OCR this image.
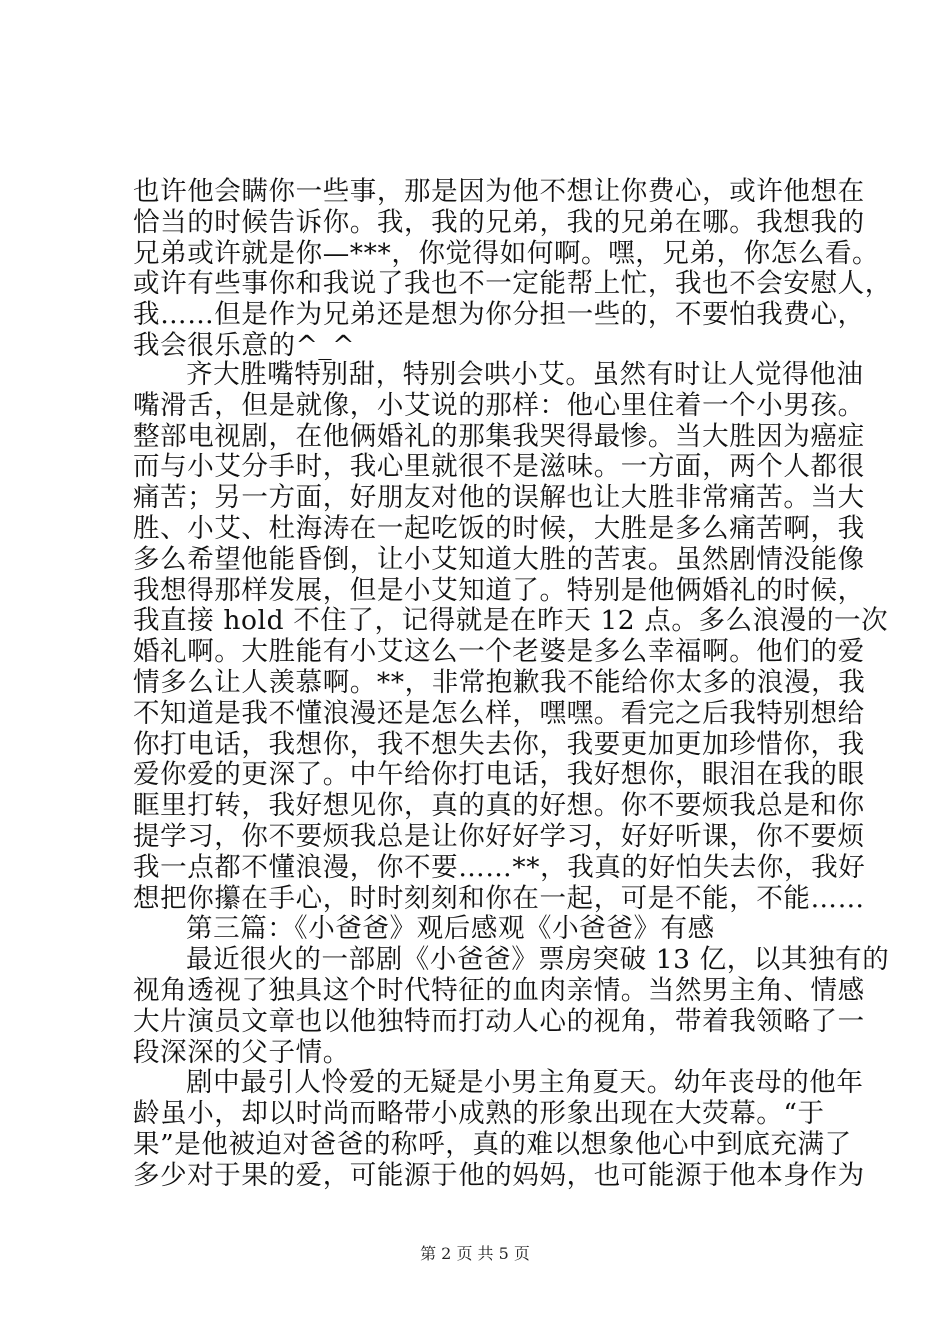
也许他会瞒你一些事，那是因为他不想让你费心，或许他想在
恰当的时候告诉你。我，我的兄弟，我的兄弟在哪。我想我的
兄弟或许就是你—***，你觉得如何啊。嘿，兄弟，你怎么看。
或许有些事你和我说了我也不一定能帮上忙，我也不会安慰人，
我……但是作为兄弟还是想为你分担一些的，不要怕我费心，
我会很乐意的^_^
齐大胜嘴特别甜，特别会哄小艾。虽然有时让人觉得他油
嘴滑舌，但是就像，小艾说的那样：他心里住着一个小男孩。
整部电视剧，在他俩婚礼的那集我哭得最惨。当大胜因为癌症
而与小艾分手时，我心里就很不是滋味。一方面，两个人都很
痛苦；另一方面，好朋友对他的误解也让大胜非常痛苦。当大
胜、小艾、杜海涛在一起吃饭的时候，大胜是多么痛苦啊，我
多么希望他能昏倒，让小艾知道大胜的苦衷。虽然剧情没能像
我想得那样发展，但是小艾知道了。特别是他俩婚礼的时候，
我直接 hold 不住了，记得就是在昨天 12 点。多么浪漫的一次
婚礼啊。大胜能有小艾这么一个老婆是多么幸福啊。他们的爱
情多么让人羡慕啊。**，非常抱歉我不能给你太多的浪漫，我
不知道是我不懂浪漫还是怎么样，嘿嘿。看完之后我特别想给
你打电话，我想你，我不想失去你，我要更加更加珍惜你，我
爱你爱的更深了。中午给你打电话，我好想你，眼泪在我的眼
眶里打转，我好想见你，真的真的好想。你不要烦我总是和你
提学习，你不要烦我总是让你好好学习，好好听课，你不要烦
我一点都不懂浪漫，你不要……**，我真的好怕失去你，我好
想把你攥在手心，时时刻刻和你在一起，可是不能，不能……
第三篇：《小爸爸》观后感观《小爸爸》有感
最近很火的一部剧《小爸爸》票房突破 13 亿，以其独有的
视角透视了独具这个时代特征的血肉亲情。当然男主角、情感
大片演员文章也以他独特而打动人心的视角，带着我领略了一
段深深的父子情。
剧中最引人怜爱的无疑是小男主角夏天。幼年丧母的他年
龄虽小，却以时尚而略带小成熟的形象出现在大荧幕。“于
果”是他被迫对爸爸的称呼，真的难以想象他心中到底充满了
多少对于果的爱，可能源于他的妈妈，也可能源于他本身作为
第 2 页 共 5 页
